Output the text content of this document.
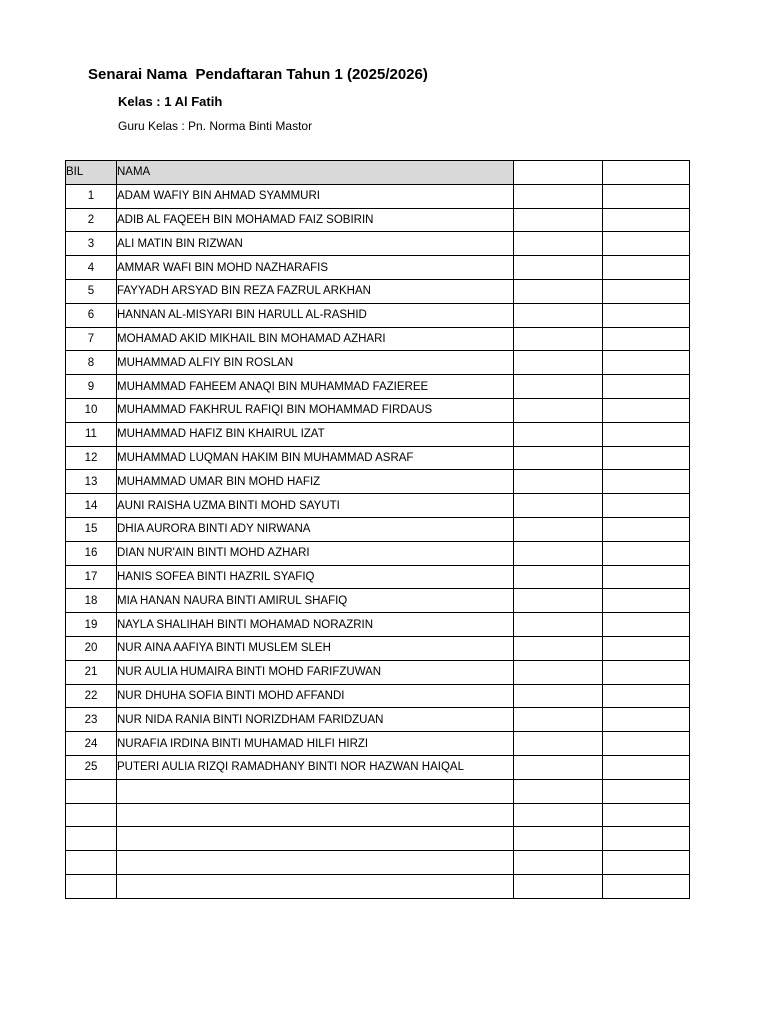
Senarai Nama  Pendaftaran Tahun 1 (2025/2026)
Kelas : 1 Al Fatih
Guru Kelas : Pn. Norma Binti Mastor
BIL	NAMA		
1	ADAM WAFIY BIN AHMAD SYAMMURI		
2	ADIB AL FAQEEH BIN MOHAMAD FAIZ SOBIRIN		
3	ALI MATIN BIN RIZWAN		
4	AMMAR WAFI BIN MOHD NAZHARAFIS		
5	FAYYADH ARSYAD BIN REZA FAZRUL ARKHAN		
6	HANNAN AL-MISYARI BIN HARULL AL-RASHID		
7	MOHAMAD AKID MIKHAIL BIN MOHAMAD AZHARI		
8	MUHAMMAD ALFIY BIN ROSLAN		
9	MUHAMMAD FAHEEM ANAQI BIN MUHAMMAD FAZIEREE		
10	MUHAMMAD FAKHRUL RAFIQI BIN MOHAMMAD FIRDAUS		
11	MUHAMMAD HAFIZ BIN KHAIRUL IZAT		
12	MUHAMMAD LUQMAN HAKIM BIN MUHAMMAD ASRAF		
13	MUHAMMAD UMAR BIN MOHD HAFIZ		
14	AUNI RAISHA UZMA BINTI MOHD SAYUTI		
15	DHIA AURORA BINTI ADY NIRWANA		
16	DIAN NUR'AIN BINTI MOHD AZHARI		
17	HANIS SOFEA BINTI HAZRIL SYAFIQ		
18	MIA HANAN NAURA BINTI AMIRUL SHAFIQ		
19	NAYLA SHALIHAH BINTI MOHAMAD NORAZRIN		
20	NUR AINA AAFIYA BINTI MUSLEM SLEH		
21	NUR AULIA HUMAIRA BINTI MOHD FARIFZUWAN		
22	NUR DHUHA SOFIA BINTI MOHD AFFANDI		
23	NUR NIDA RANIA BINTI NORIZDHAM FARIDZUAN		
24	NURAFIA IRDINA BINTI MUHAMAD HILFI HIRZI		
25	PUTERI AULIA RIZQI RAMADHANY BINTI NOR HAZWAN HAIQAL		
